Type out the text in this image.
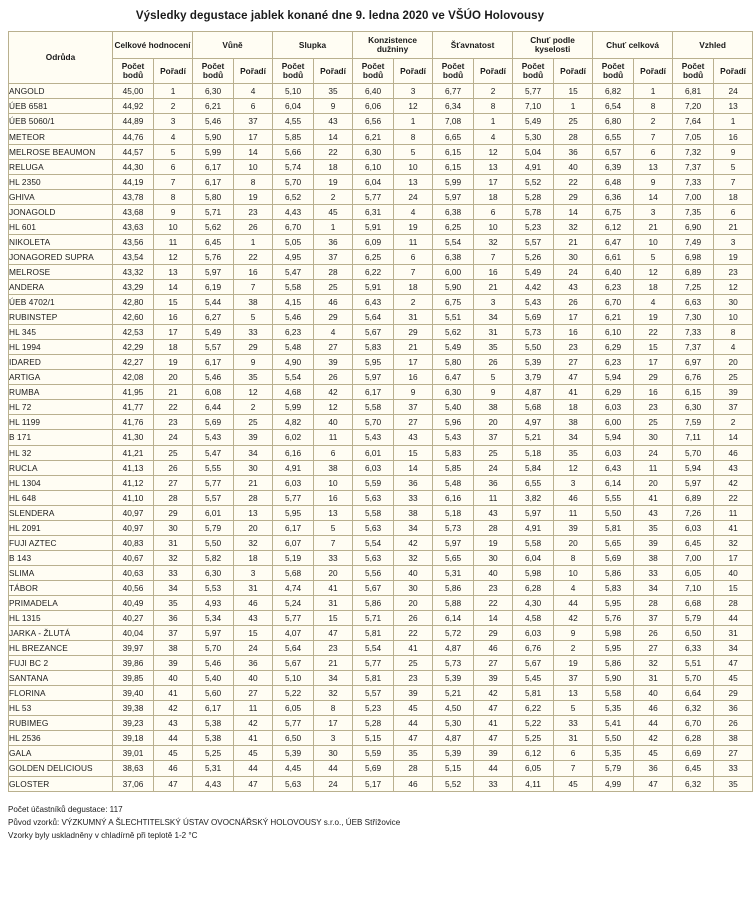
Výsledky degustace jablek konané dne 9. ledna 2020 ve VŠÚO Holovousy
Odrůda	Celkové hodnocení		Vůně		Slupka		Konzistence dužniny		Šťavnatost		Chuť podle kyselosti		Chuť celková		Vzhled	
	Počet bodů	Pořadí	Počet bodů	Pořadí	Počet bodů	Pořadí	Počet bodů	Pořadí	Počet bodů	Pořadí	Počet bodů	Pořadí	Počet bodů	Pořadí	Počet bodů	Pořadí
ANGOLD	45,00	1	6,30	4	5,10	35	6,40	3	6,77	2	5,77	15	6,82	1	6,81	24
ÚEB 6581	44,92	2	6,21	6	6,04	9	6,06	12	6,34	8	7,10	1	6,54	8	7,20	13
ÚEB 5060/1	44,89	3	5,46	37	4,55	43	6,56	1	7,08	1	5,49	25	6,80	2	7,64	1
METEOR	44,76	4	5,90	17	5,85	14	6,21	8	6,65	4	5,30	28	6,55	7	7,05	16
MELROSE BEAUMON	44,57	5	5,99	14	5,66	22	6,30	5	6,15	12	5,04	36	6,57	6	7,32	9
RELUGA	44,30	6	6,17	10	5,74	18	6,10	10	6,15	13	4,91	40	6,39	13	7,37	5
HL 2350	44,19	7	6,17	8	5,70	19	6,04	13	5,99	17	5,52	22	6,48	9	7,33	7
GHIVA	43,78	8	5,80	19	6,52	2	5,77	24	5,97	18	5,28	29	6,36	14	7,00	18
JONAGOLD	43,68	9	5,71	23	4,43	45	6,31	4	6,38	6	5,78	14	6,75	3	7,35	6
HL 601	43,63	10	5,62	26	6,70	1	5,91	19	6,25	10	5,23	32	6,12	21	6,90	21
NIKOLETA	43,56	11	6,45	1	5,05	36	6,09	11	5,54	32	5,57	21	6,47	10	7,49	3
JONAGORED SUPRA	43,54	12	5,76	22	4,95	37	6,25	6	6,38	7	5,26	30	6,61	5	6,98	19
MELROSE	43,32	13	5,97	16	5,47	28	6,22	7	6,00	16	5,49	24	6,40	12	6,89	23
ANDERA	43,29	14	6,19	7	5,58	25	5,91	18	5,90	21	4,42	43	6,23	18	7,25	12
ÚEB 4702/1	42,80	15	5,44	38	4,15	46	6,43	2	6,75	3	5,43	26	6,70	4	6,63	30
RUBINSTEP	42,60	16	6,27	5	5,46	29	5,64	31	5,51	34	5,69	17	6,21	19	7,30	10
HL 345	42,53	17	5,49	33	6,23	4	5,67	29	5,62	31	5,73	16	6,10	22	7,33	8
HL 1994	42,29	18	5,57	29	5,48	27	5,83	21	5,49	35	5,50	23	6,29	15	7,37	4
IDARED	42,27	19	6,17	9	4,90	39	5,95	17	5,80	26	5,39	27	6,23	17	6,97	20
ARTIGA	42,08	20	5,46	35	5,54	26	5,97	16	6,47	5	3,79	47	5,94	29	6,76	25
RUMBA	41,95	21	6,08	12	4,68	42	6,17	9	6,30	9	4,87	41	6,29	16	6,15	39
HL 72	41,77	22	6,44	2	5,99	12	5,58	37	5,40	38	5,68	18	6,03	23	6,30	37
HL 1199	41,76	23	5,69	25	4,82	40	5,70	27	5,96	20	4,97	38	6,00	25	7,59	2
B 171	41,30	24	5,43	39	6,02	11	5,43	43	5,43	37	5,21	34	5,94	30	7,11	14
HL 32	41,21	25	5,47	34	6,16	6	6,01	15	5,83	25	5,18	35	6,03	24	5,70	46
RUCLA	41,13	26	5,55	30	4,91	38	6,03	14	5,85	24	5,84	12	6,43	11	5,94	43
HL 1304	41,12	27	5,77	21	6,03	10	5,59	36	5,48	36	6,55	3	6,14	20	5,97	42
HL 648	41,10	28	5,57	28	5,77	16	5,63	33	6,16	11	3,82	46	5,55	41	6,89	22
SLENDERA	40,97	29	6,01	13	5,95	13	5,58	38	5,18	43	5,97	11	5,50	43	7,26	11
HL 2091	40,97	30	5,79	20	6,17	5	5,63	34	5,73	28	4,91	39	5,81	35	6,03	41
FUJI AZTEC	40,83	31	5,50	32	6,07	7	5,54	42	5,97	19	5,58	20	5,65	39	6,45	32
B 143	40,67	32	5,82	18	5,19	33	5,63	32	5,65	30	6,04	8	5,69	38	7,00	17
SLIMA	40,63	33	6,30	3	5,68	20	5,56	40	5,31	40	5,98	10	5,86	33	6,05	40
TÁBOR	40,56	34	5,53	31	4,74	41	5,67	30	5,86	23	6,28	4	5,83	34	7,10	15
PRIMADELA	40,49	35	4,93	46	5,24	31	5,86	20	5,88	22	4,30	44	5,95	28	6,68	28
HL 1315	40,27	36	5,34	43	5,77	15	5,71	26	6,14	14	4,58	42	5,76	37	5,79	44
JARKA - ŽLUTÁ	40,04	37	5,97	15	4,07	47	5,81	22	5,72	29	6,03	9	5,98	26	6,50	31
HL BREZANCE	39,97	38	5,70	24	5,64	23	5,54	41	4,87	46	6,76	2	5,95	27	6,33	34
FUJI BC 2	39,86	39	5,46	36	5,67	21	5,77	25	5,73	27	5,67	19	5,86	32	5,51	47
SANTANA	39,85	40	5,40	40	5,10	34	5,81	23	5,39	39	5,45	37	5,90	31	5,70	45
FLORINA	39,40	41	5,60	27	5,22	32	5,57	39	5,21	42	5,81	13	5,58	40	6,64	29
HL 53	39,38	42	6,17	11	6,05	8	5,23	45	4,50	47	6,22	5	5,35	46	6,32	36
RUBIMEG	39,23	43	5,38	42	5,77	17	5,28	44	5,30	41	5,22	33	5,41	44	6,70	26
HL 2536	39,18	44	5,38	41	6,50	3	5,15	47	4,87	47	5,25	31	5,50	42	6,28	38
GALA	39,01	45	5,25	45	5,39	30	5,59	35	5,39	39	6,12	6	5,35	45	6,69	27
GOLDEN DELICIOUS	38,63	46	5,31	44	4,45	44	5,69	28	5,15	44	6,05	7	5,79	36	6,45	33
GLOSTER	37,06	47	4,43	47	5,63	24	5,17	46	5,52	33	4,11	45	4,99	47	6,32	35
Počet účastníků degustace: 117
Původ vzorků: VÝZKUMNÝ A ŠLECHTITELSKÝ ÚSTAV OVOCNÁŘSKÝ HOLOVOUSY s.r.o., ÚEB Střížovice
Vzorky byly uskladněny v chladírně při teplotě 1-2 °C
